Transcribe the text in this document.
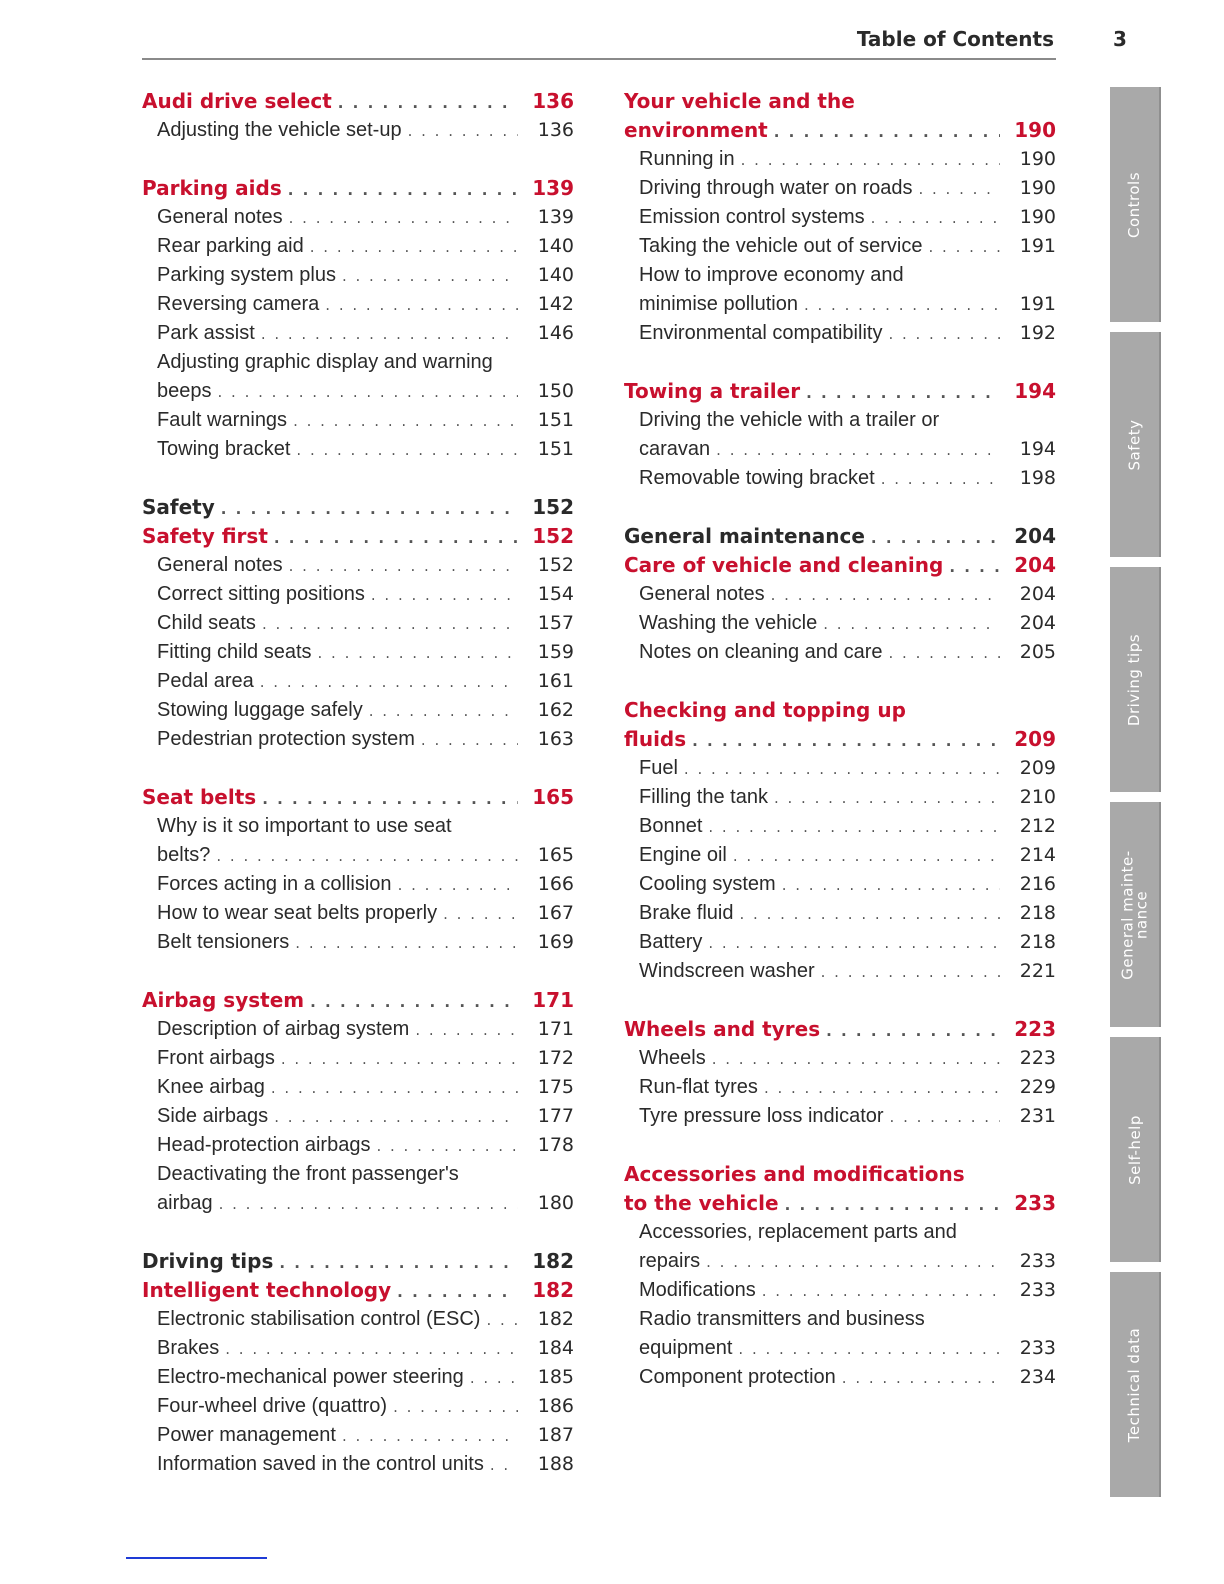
Table of Contents	3
Audi drive select . . .	136
Adjusting the vehicle set-up . . .	136
Parking aids . . .	139
General notes . . .	139
Rear parking aid . . .	140
Parking system plus . . .	140
Reversing camera . . .	142
Park assist . . .	146
Adjusting graphic display and warning
beeps . . .	150
Fault warnings . . .	151
Towing bracket . . .	151
Safety . . .	152
Safety first . . .	152
General notes . . .	152
Correct sitting positions . . .	154
Child seats . . .	157
Fitting child seats . . .	159
Pedal area . . .	161
Stowing luggage safely . . .	162
Pedestrian protection system . . .	163
Seat belts . . .	165
Why is it so important to use seat
belts? . . .	165
Forces acting in a collision . . .	166
How to wear seat belts properly . . .	167
Belt tensioners . . .	169
Airbag system . . .	171
Description of airbag system . . .	171
Front airbags . . .	172
Knee airbag . . .	175
Side airbags . . .	177
Head-protection airbags . . .	178
Deactivating the front passenger's
airbag . . .	180
Driving tips . . .	182
Intelligent technology . . .	182
Electronic stabilisation control (ESC) . . .	182
Brakes . . .	184
Electro-mechanical power steering . . .	185
Four-wheel drive (quattro) . . .	186
Power management . . .	187
Information saved in the control units . . .	188
Your vehicle and the
environment . . .	190
Running in . . .	190
Driving through water on roads . . .	190
Emission control systems . . .	190
Taking the vehicle out of service . . .	191
How to improve economy and
minimise pollution . . .	191
Environmental compatibility . . .	192
Towing a trailer . . .	194
Driving the vehicle with a trailer or
caravan . . .	194
Removable towing bracket . . .	198
General maintenance . . .	204
Care of vehicle and cleaning . . .	204
General notes . . .	204
Washing the vehicle . . .	204
Notes on cleaning and care . . .	205
Checking and topping up
fluids . . .	209
Fuel . . .	209
Filling the tank . . .	210
Bonnet . . .	212
Engine oil . . .	214
Cooling system . . .	216
Brake fluid . . .	218
Battery . . .	218
Windscreen washer . . .	221
Wheels and tyres . . .	223
Wheels . . .	223
Run-flat tyres . . .	229
Tyre pressure loss indicator . . .	231
Accessories and modifications
to the vehicle . . .	233
Accessories, replacement parts and
repairs . . .	233
Modifications . . .	233
Radio transmitters and business
equipment . . .	233
Component protection . . .	234
Controls
Safety
Driving tips
General mainte-
nance
Self-help
Technical data
